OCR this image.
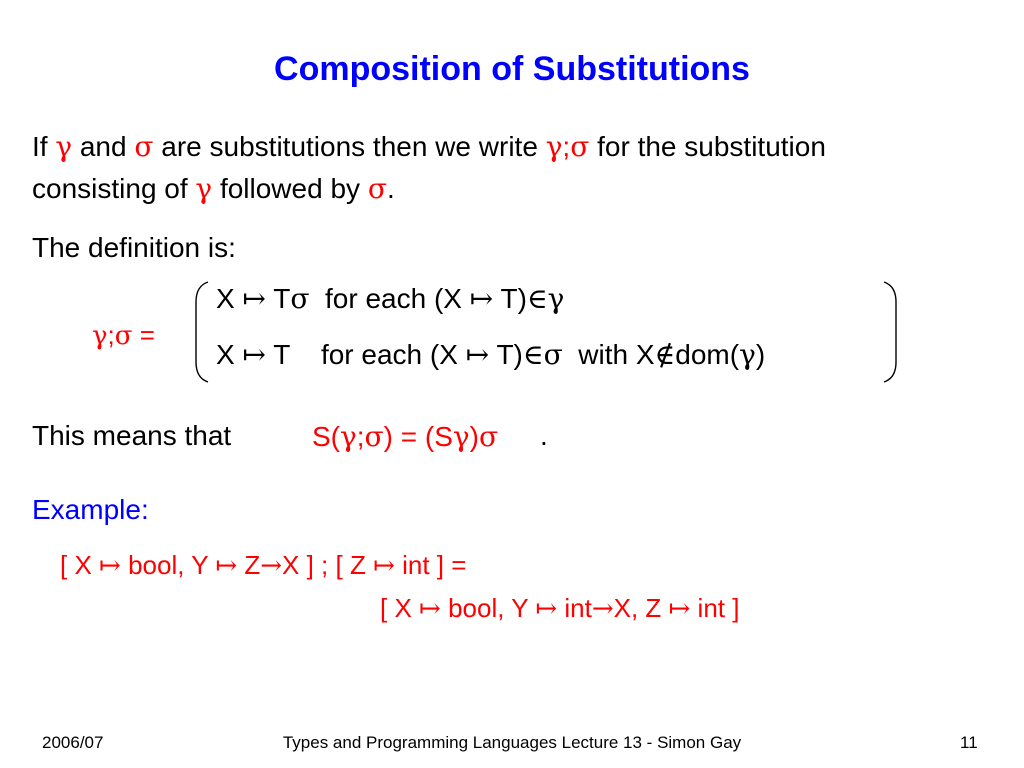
Composition of Substitutions
If γ and σ are substitutions then we write γ;σ for the substitution
consisting of γ followed by σ.
The definition is:
γ;σ =
X ↦ Tσ for each (X ↦ T)∈γ
X ↦ T for each (X ↦ T)∈σ with X∉dom(γ)
This means that	S(γ;σ) = (Sγ)σ .
Example:
[ X ↦ bool, Y ↦ Z→X ] ; [ Z ↦ int ] =
[ X ↦ bool, Y ↦ int→X, Z ↦ int ]
2006/07	Types and Programming Languages Lecture 13 - Simon Gay	11
